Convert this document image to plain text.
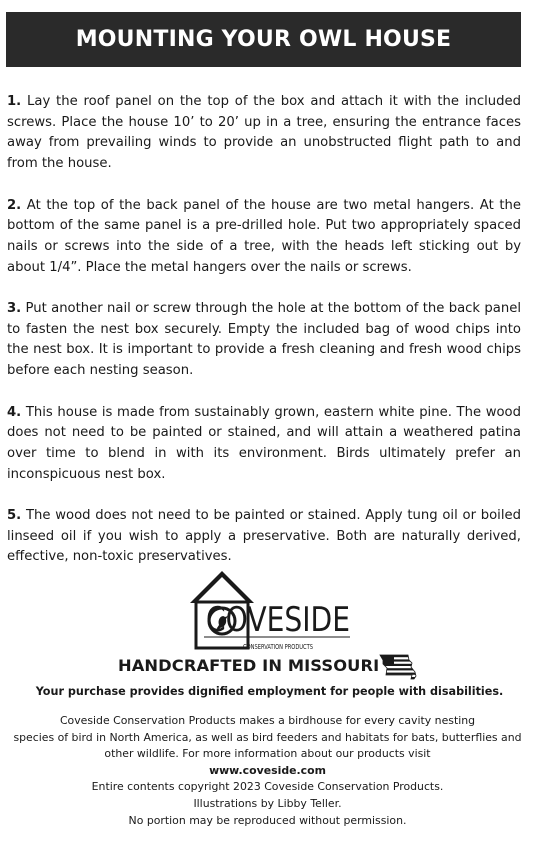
MOUNTING YOUR OWL HOUSE

1. Lay the roof panel on the top of the box and attach it with the included screws. Place the house 10’ to 20’ up in a tree, ensuring the entrance faces away from prevailing winds to provide an unobstructed flight path to and from the house.

2. At the top of the back panel of the house are two metal hangers. At the bottom of the same panel is a pre-drilled hole. Put two appropriately spaced nails or screws into the side of a tree, with the heads left sticking out by about 1/4”. Place the metal hangers over the nails or screws.

3. Put another nail or screw through the hole at the bottom of the back panel to fasten the nest box securely. Empty the included bag of wood chips into the nest box. It is important to provide a fresh cleaning and fresh wood chips before each nesting season.

4. This house is made from sustainably grown, eastern white pine. The wood does not need to be painted or stained, and will attain a weathered patina over time to blend in with its environment. Birds ultimately prefer an inconspicuous nest box.

5. The wood does not need to be painted or stained. Apply tung oil or boiled linseed oil if you wish to apply a preservative. Both are naturally derived, effective, non-toxic preservatives.

COVESIDE
CONSERVATION PRODUCTS
HANDCRAFTED IN MISSOURI
Your purchase provides dignified employment for people with disabilities.
Coveside Conservation Products makes a birdhouse for every cavity nesting
species of bird in North America, as well as bird feeders and habitats for bats, butterflies and
other wildlife. For more information about our products visit
www.coveside.com
Entire contents copyright 2023 Coveside Conservation Products.
Illustrations by Libby Teller.
No portion may be reproduced without permission.
